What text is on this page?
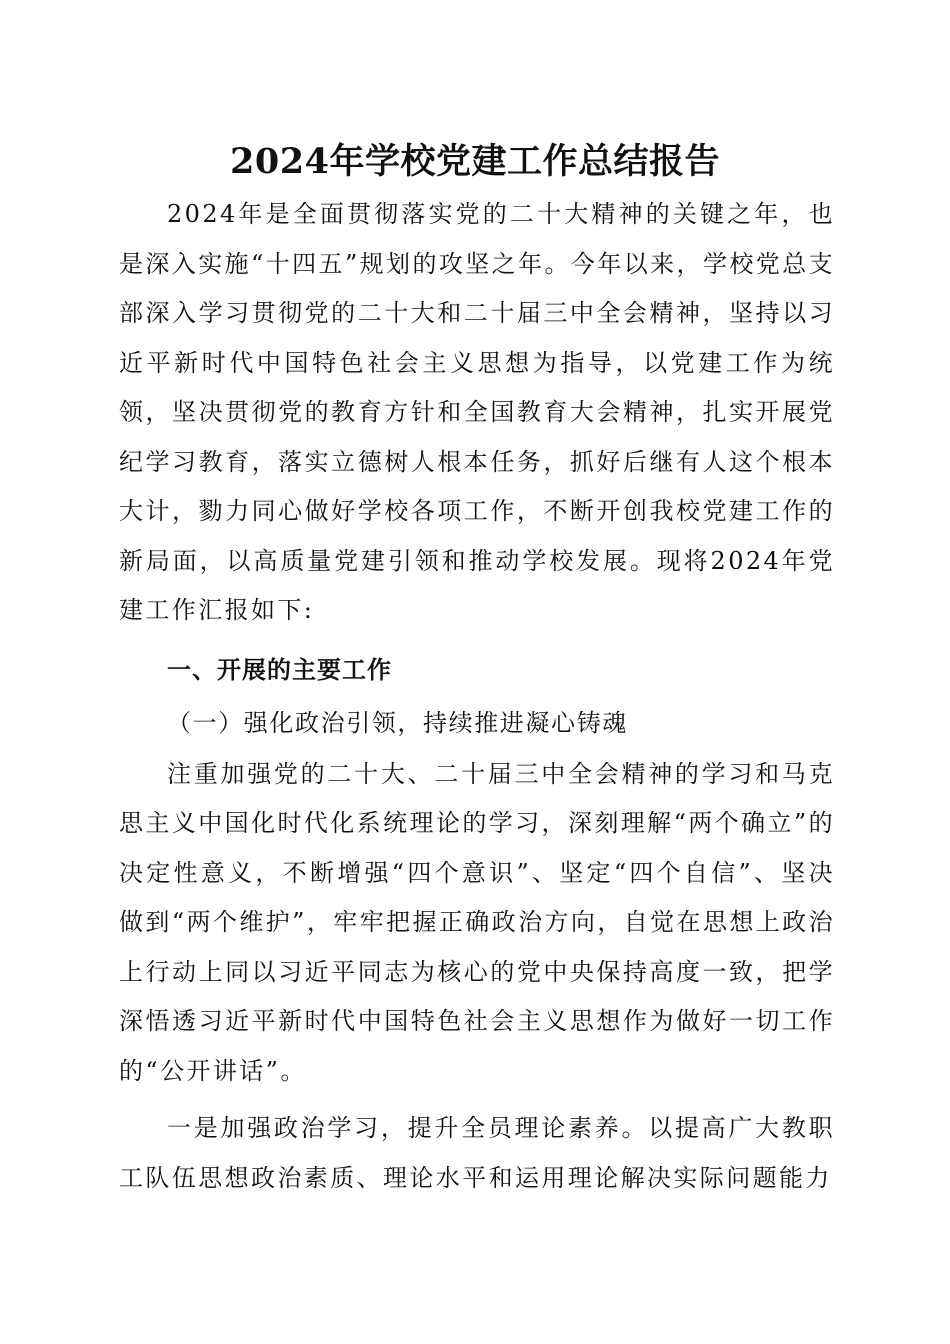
2024年学校党建工作总结报告

2024年是全面贯彻落实党的二十大精神的关键之年，也是深入实施“十四五”规划的攻坚之年。今年以来，学校党总支部深入学习贯彻党的二十大和二十届三中全会精神，坚持以习近平新时代中国特色社会主义思想为指导，以党建工作为统领，坚决贯彻党的教育方针和全国教育大会精神，扎实开展党纪学习教育，落实立德树人根本任务，抓好后继有人这个根本大计，勠力同心做好学校各项工作，不断开创我校党建工作的新局面，以高质量党建引领和推动学校发展。现将2024年党建工作汇报如下:

一、开展的主要工作

（一）强化政治引领，持续推进凝心铸魂

注重加强党的二十大、二十届三中全会精神的学习和马克思主义中国化时代化系统理论的学习，深刻理解“两个确立”的决定性意义，不断增强“四个意识”、坚定“四个自信”、坚决做到“两个维护”，牢牢把握正确政治方向，自觉在思想上政治上行动上同以习近平同志为核心的党中央保持高度一致，把学深悟透习近平新时代中国特色社会主义思想作为做好一切工作的“公开讲话”。

一是加强政治学习，提升全员理论素养。以提高广大教职工队伍思想政治素质、理论水平和运用理论解决实际问题能力
